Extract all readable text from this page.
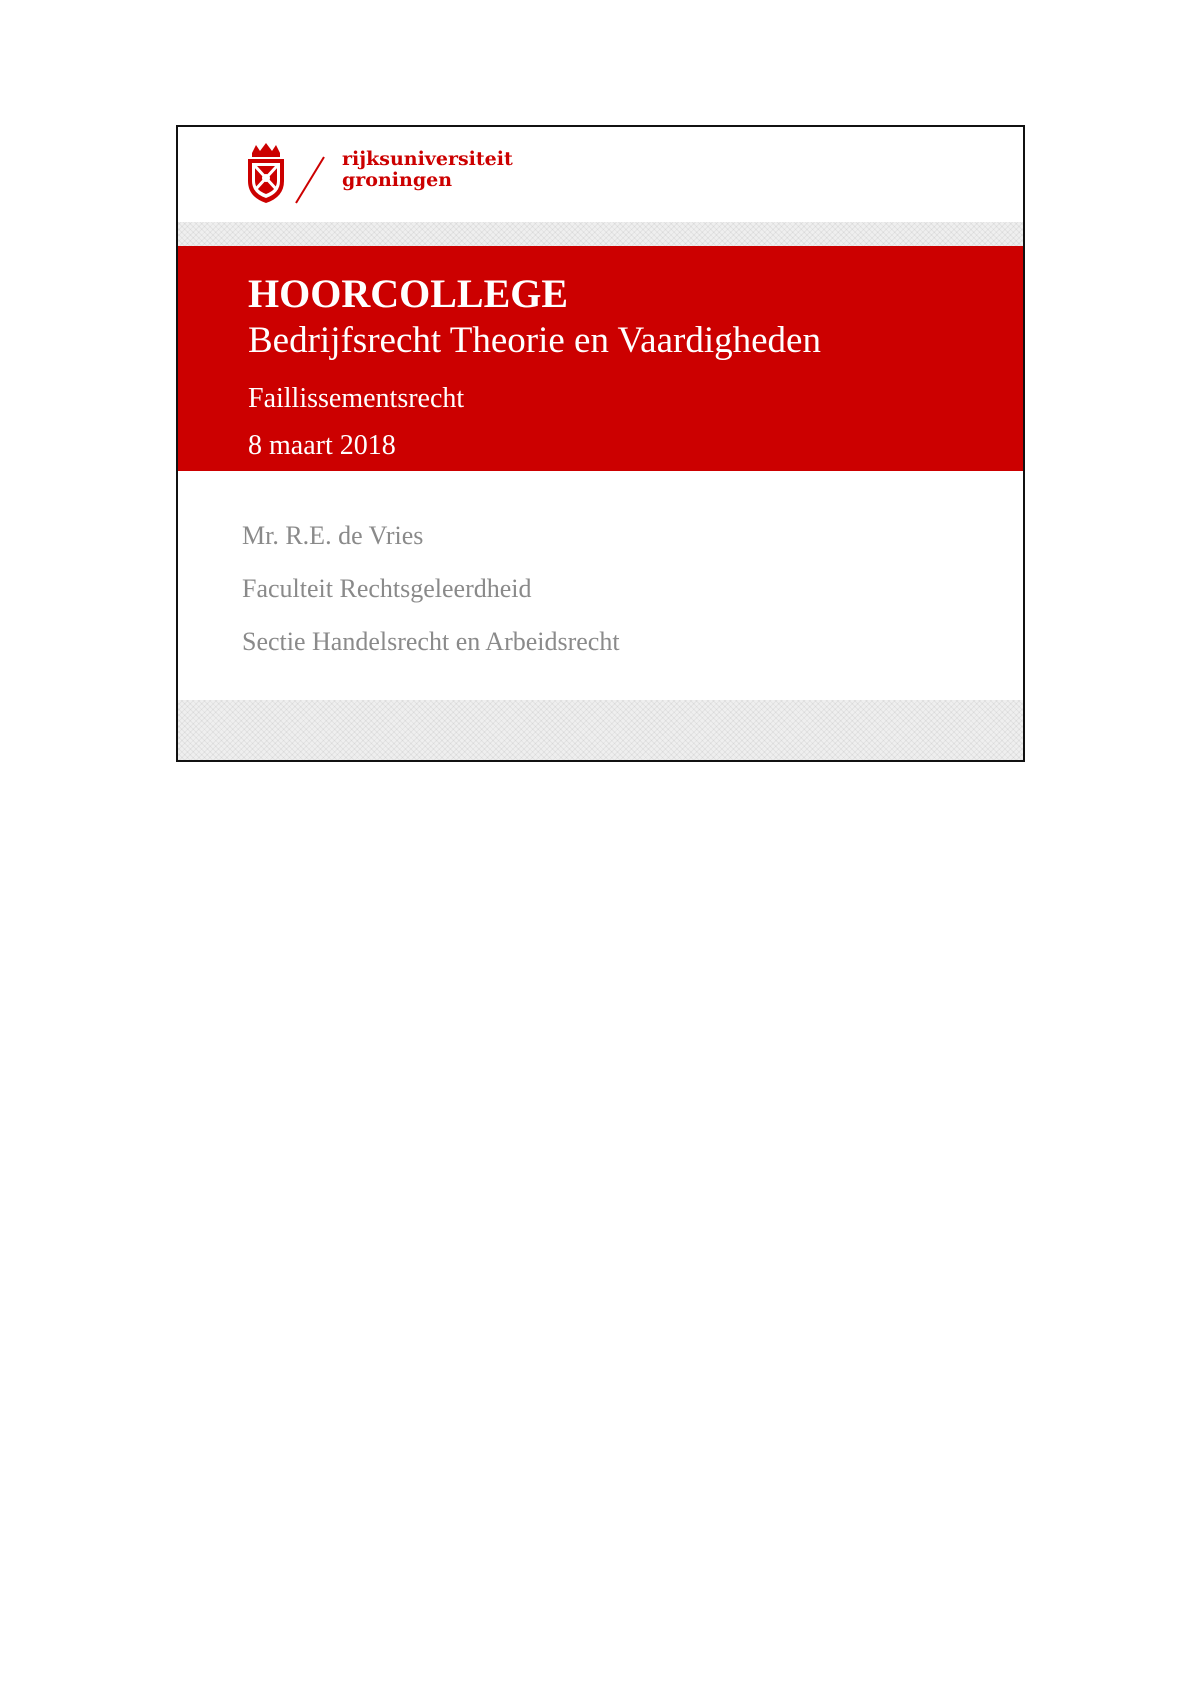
rijksuniversiteit
groningen
HOORCOLLEGE
Bedrijfsrecht Theorie en Vaardigheden
Faillissementsrecht
8 maart 2018
Mr. R.E. de Vries
Faculteit Rechtsgeleerdheid
Sectie Handelsrecht en Arbeidsrecht
